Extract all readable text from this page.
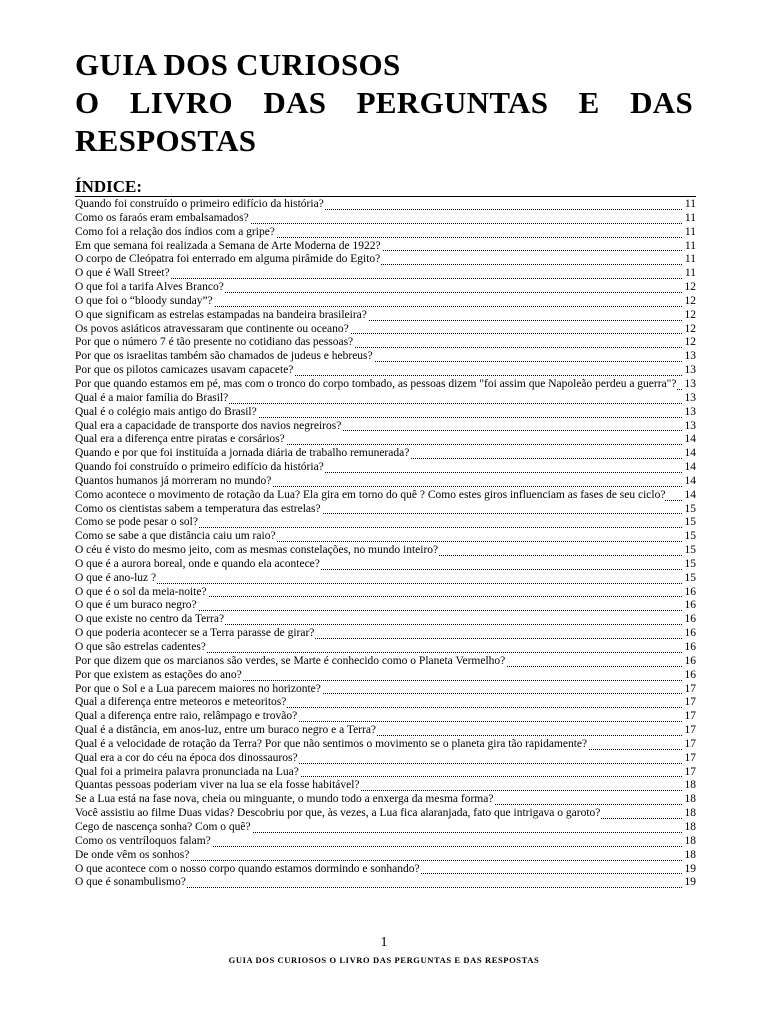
GUIA DOS CURIOSOS
O LIVRO DAS PERGUNTAS E DAS
RESPOSTAS
ÍNDICE:
Quando foi construído o primeiro edifício da história?	11
Como os faraós eram embalsamados?	11
Como foi a relação dos índios com a gripe?	11
Em que semana foi realizada a Semana de Arte Moderna de 1922?	11
O corpo de Cleópatra foi enterrado em alguma pirâmide do Egito?	11
O que é Wall Street?	11
O que foi a tarifa Alves Branco?	12
O que foi o “bloody sunday”?	12
O que significam as estrelas estampadas na bandeira brasileira?	12
Os povos asiáticos atravessaram que continente ou oceano?	12
Por que o número 7 é tão presente no cotidiano das pessoas?	12
Por que os israelitas também são chamados de judeus e hebreus?	13
Por que os pilotos camicazes usavam capacete?	13
Por que quando estamos em pé, mas com o tronco do corpo tombado, as pessoas dizem "foi assim que Napoleão perdeu a guerra"? 13
Qual é a maior família do Brasil?	13
Qual é o colégio mais antigo do Brasil?	13
Qual era a capacidade de transporte dos navios negreiros?	13
Qual era a diferença entre piratas e corsários?	14
Quando e por que foi instituída a jornada diária de trabalho remunerada?	14
Quando foi construído o primeiro edifício da história?	14
Quantos humanos já morreram no mundo?	14
Como acontece o movimento de rotação da Lua? Ela gira em torno do quê ? Como estes giros influenciam as fases de seu ciclo? 14
Como os cientistas sabem a temperatura das estrelas?	15
Como se pode pesar o sol?	15
Como se sabe a que distância caiu um raio?	15
O céu é visto do mesmo jeito, com as mesmas constelações, no mundo inteiro?	15
O que é a aurora boreal, onde e quando ela acontece?	15
O que é ano-luz ?	15
O que é o sol da meia-noite?	16
O que é um buraco negro?	16
O que existe no centro da Terra?	16
O que poderia acontecer se a Terra parasse de girar?	16
O que são estrelas cadentes?	16
Por que dizem que os marcianos são verdes, se Marte é conhecido como o Planeta Vermelho?	16
Por que existem as estações do ano?	16
Por que o Sol e a Lua parecem maiores no horizonte?	17
Qual a diferença entre meteoros e meteoritos?	17
Qual a diferença entre raio, relâmpago e trovão?	17
Qual é a distância, em anos-luz, entre um buraco negro e a Terra?	17
Qual é a velocidade de rotação da Terra? Por que não sentimos o movimento se o planeta gira tão rapidamente?	17
Qual era a cor do céu na época dos dinossauros?	17
Qual foi a primeira palavra pronunciada na Lua?	17
Quantas pessoas poderiam viver na lua se ela fosse habitável?	18
Se a Lua está na fase nova, cheia ou minguante, o mundo todo a enxerga da mesma forma?	18
Você assistiu ao filme Duas vidas? Descobriu por que, às vezes, a Lua fica alaranjada, fato que intrigava o garoto?	18
Cego de nascença sonha? Com o quê?	18
Como os ventríloquos falam?	18
De onde vêm os sonhos?	18
O que acontece com o nosso corpo quando estamos dormindo e sonhando?	19
O que é sonambulismo?	19
1
GUIA DOS CURIOSOS O LIVRO DAS PERGUNTAS E DAS RESPOSTAS
